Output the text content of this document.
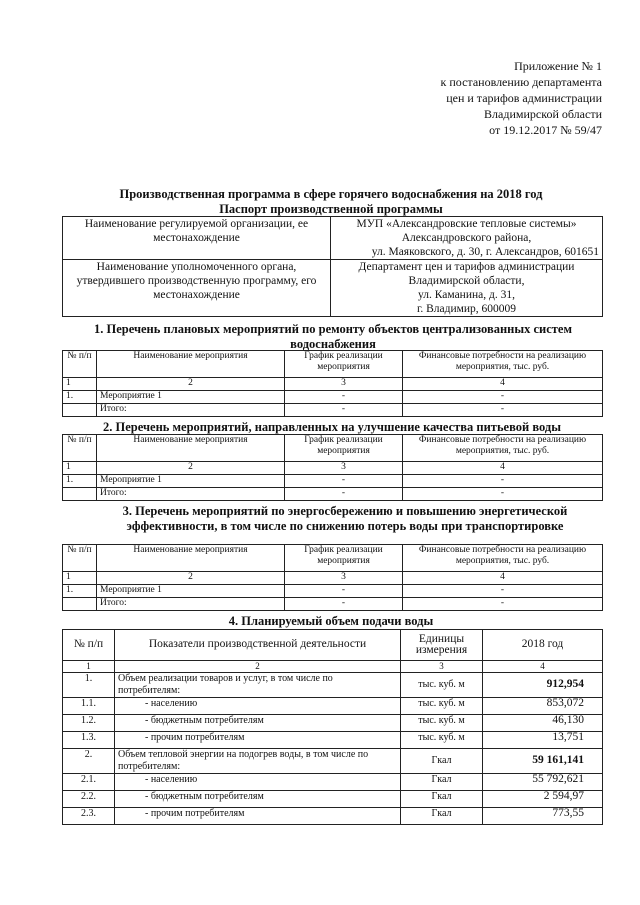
Приложение № 1
к постановлению департамента
цен и тарифов администрации
Владимирской области
от 19.12.2017 № 59/47
Производственная программа в сфере горячего водоснабжения на 2018 год
Паспорт производственной программы
Наименование регулируемой организации, ее местонахождение	МУП «Александровские тепловые системы»
Александровского района,
ул. Маяковского, д. 30, г. Александров, 601651

Наименование уполномоченного органа, утвердившего производственную программу, его местонахождение	Департамент цен и тарифов администрации
Владимирской области,
ул. Каманина, д. 31,
г. Владимир, 600009
1. Перечень плановых мероприятий по ремонту объектов централизованных систем водоснабжения
№ п/п	Наименование мероприятия	График реализации мероприятия	Финансовые потребности на реализацию мероприятия, тыс. руб.
1	2	3	4
1.	Мероприятие 1	-	-
	Итого:	-	-
2. Перечень мероприятий, направленных на улучшение качества питьевой воды
№ п/п	Наименование мероприятия	График реализации мероприятия	Финансовые потребности на реализацию мероприятия, тыс. руб.
1	2	3	4
1.	Мероприятие 1	-	-
	Итого:	-	-
3. Перечень мероприятий по энергосбережению и повышению энергетической эффективности, в том числе по снижению потерь воды при транспортировке
№ п/п	Наименование мероприятия	График реализации мероприятия	Финансовые потребности на реализацию мероприятия, тыс. руб.
1	2	3	4
1.	Мероприятие 1	-	-
	Итого:	-	-
4. Планируемый объем подачи воды
№ п/п	Показатели производственной деятельности	Единицы измерения	2018 год
1	2	3	4
1.	Объем реализации товаров и услуг, в том числе по потребителям:	тыс. куб. м	912,954
1.1.	- населению	тыс. куб. м	853,072
1.2.	- бюджетным потребителям	тыс. куб. м	46,130
1.3.	- прочим потребителям	тыс. куб. м	13,751
2.	Объем тепловой энергии на подогрев воды, в том числе по потребителям:	Гкал	59 161,141
2.1.	- населению	Гкал	55 792,621
2.2.	- бюджетным потребителям	Гкал	2 594,97
2.3.	- прочим потребителям	Гкал	773,55
